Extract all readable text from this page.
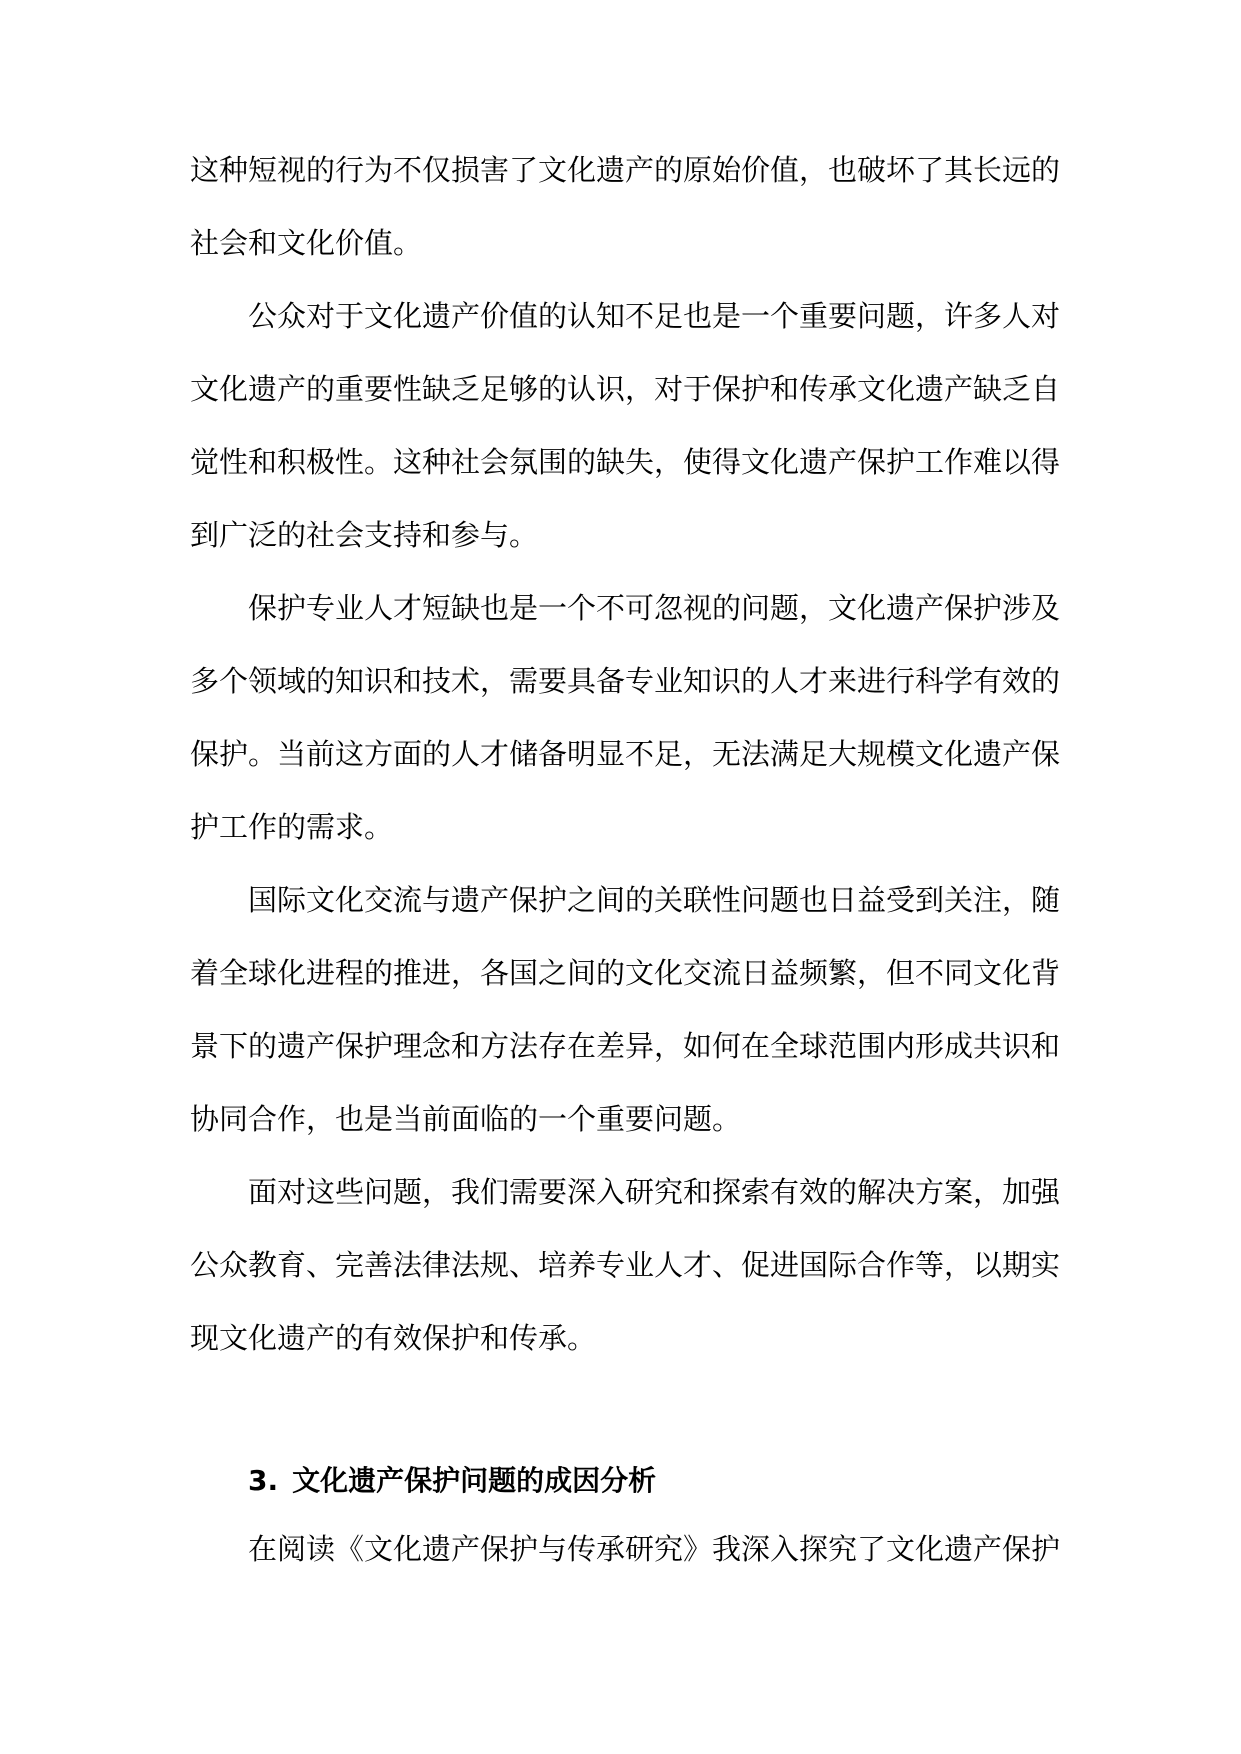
这种短视的行为不仅损害了文化遗产的原始价值，也破坏了其长远的社会和文化价值。

公众对于文化遗产价值的认知不足也是一个重要问题，许多人对文化遗产的重要性缺乏足够的认识，对于保护和传承文化遗产缺乏自觉性和积极性。这种社会氛围的缺失，使得文化遗产保护工作难以得到广泛的社会支持和参与。

保护专业人才短缺也是一个不可忽视的问题，文化遗产保护涉及多个领域的知识和技术，需要具备专业知识的人才来进行科学有效的保护。当前这方面的人才储备明显不足，无法满足大规模文化遗产保护工作的需求。

国际文化交流与遗产保护之间的关联性问题也日益受到关注，随着全球化进程的推进，各国之间的文化交流日益频繁，但不同文化背景下的遗产保护理念和方法存在差异，如何在全球范围内形成共识和协同合作，也是当前面临的一个重要问题。

面对这些问题，我们需要深入研究和探索有效的解决方案，加强公众教育、完善法律法规、培养专业人才、促进国际合作等，以期实现文化遗产的有效保护和传承。

3. 文化遗产保护问题的成因分析

在阅读《文化遗产保护与传承研究》我深入探究了文化遗产保护
